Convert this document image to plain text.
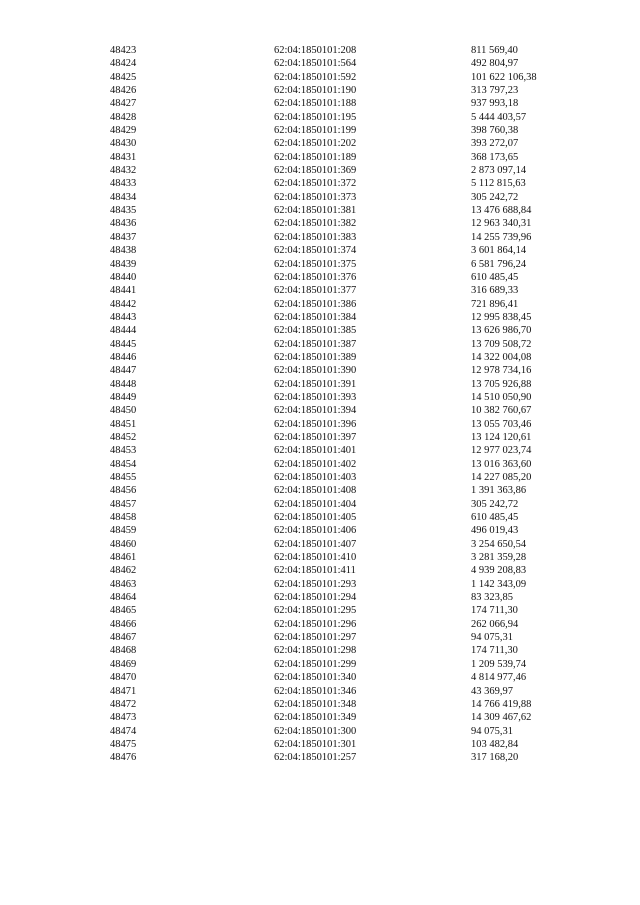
48423	62:04:1850101:208	811 569,40
48424	62:04:1850101:564	492 804,97
48425	62:04:1850101:592	101 622 106,38
48426	62:04:1850101:190	313 797,23
48427	62:04:1850101:188	937 993,18
48428	62:04:1850101:195	5 444 403,57
48429	62:04:1850101:199	398 760,38
48430	62:04:1850101:202	393 272,07
48431	62:04:1850101:189	368 173,65
48432	62:04:1850101:369	2 873 097,14
48433	62:04:1850101:372	5 112 815,63
48434	62:04:1850101:373	305 242,72
48435	62:04:1850101:381	13 476 688,84
48436	62:04:1850101:382	12 963 340,31
48437	62:04:1850101:383	14 255 739,96
48438	62:04:1850101:374	3 601 864,14
48439	62:04:1850101:375	6 581 796,24
48440	62:04:1850101:376	610 485,45
48441	62:04:1850101:377	316 689,33
48442	62:04:1850101:386	721 896,41
48443	62:04:1850101:384	12 995 838,45
48444	62:04:1850101:385	13 626 986,70
48445	62:04:1850101:387	13 709 508,72
48446	62:04:1850101:389	14 322 004,08
48447	62:04:1850101:390	12 978 734,16
48448	62:04:1850101:391	13 705 926,88
48449	62:04:1850101:393	14 510 050,90
48450	62:04:1850101:394	10 382 760,67
48451	62:04:1850101:396	13 055 703,46
48452	62:04:1850101:397	13 124 120,61
48453	62:04:1850101:401	12 977 023,74
48454	62:04:1850101:402	13 016 363,60
48455	62:04:1850101:403	14 227 085,20
48456	62:04:1850101:408	1 391 363,86
48457	62:04:1850101:404	305 242,72
48458	62:04:1850101:405	610 485,45
48459	62:04:1850101:406	496 019,43
48460	62:04:1850101:407	3 254 650,54
48461	62:04:1850101:410	3 281 359,28
48462	62:04:1850101:411	4 939 208,83
48463	62:04:1850101:293	1 142 343,09
48464	62:04:1850101:294	83 323,85
48465	62:04:1850101:295	174 711,30
48466	62:04:1850101:296	262 066,94
48467	62:04:1850101:297	94 075,31
48468	62:04:1850101:298	174 711,30
48469	62:04:1850101:299	1 209 539,74
48470	62:04:1850101:340	4 814 977,46
48471	62:04:1850101:346	43 369,97
48472	62:04:1850101:348	14 766 419,88
48473	62:04:1850101:349	14 309 467,62
48474	62:04:1850101:300	94 075,31
48475	62:04:1850101:301	103 482,84
48476	62:04:1850101:257	317 168,20
